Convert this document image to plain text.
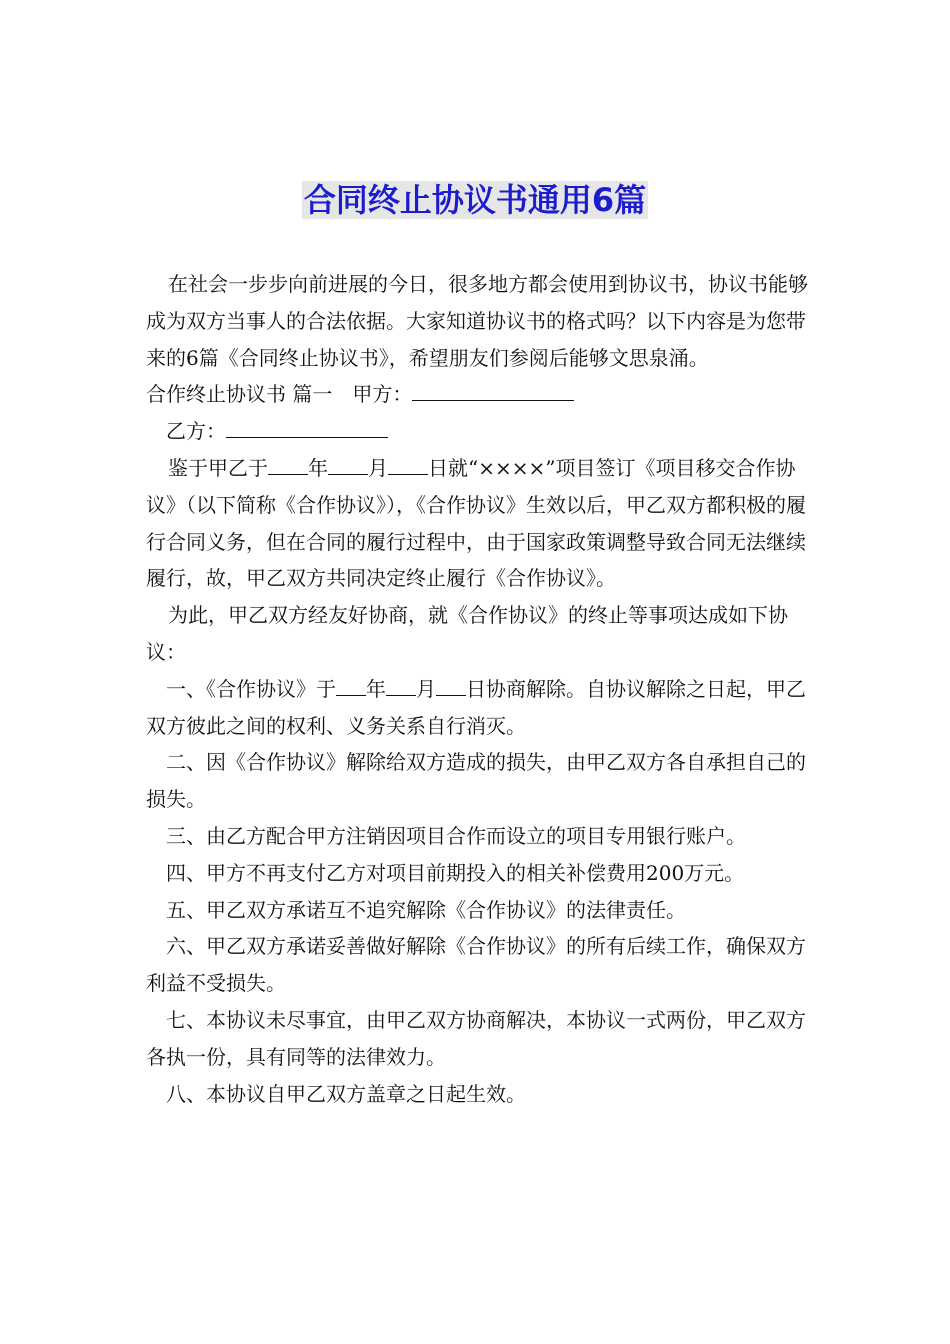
合同终止协议书通用6篇

在社会一步步向前进展的今日，很多地方都会使用到协议书，协议书能够成为双方当事人的合法依据。大家知道协议书的格式吗？以下内容是为您带来的6篇《合同终止协议书》，希望朋友们参阅后能够文思泉涌。

合作终止协议书 篇一  甲方：

乙方：

鉴于甲乙于 年 月 日就“××××”项目签订《项目移交合作协议》（以下简称《合作协议》），《合作协议》生效以后，甲乙双方都积极的履行合同义务，但在合同的履行过程中，由于国家政策调整导致合同无法继续履行，故，甲乙双方共同决定终止履行《合作协议》。

为此，甲乙双方经友好协商，就《合作协议》的终止等事项达成如下协议：

一、《合作协议》于 年 月 日协商解除。自协议解除之日起，甲乙双方彼此之间的权利、义务关系自行消灭。

二、因《合作协议》解除给双方造成的损失，由甲乙双方各自承担自己的损失。

三、由乙方配合甲方注销因项目合作而设立的项目专用银行账户。

四、甲方不再支付乙方对项目前期投入的相关补偿费用200万元。

五、甲乙双方承诺互不追究解除《合作协议》的法律责任。

六、甲乙双方承诺妥善做好解除《合作协议》的所有后续工作，确保双方利益不受损失。

七、本协议未尽事宜，由甲乙双方协商解决，本协议一式两份，甲乙双方各执一份，具有同等的法律效力。

八、本协议自甲乙双方盖章之日起生效。
